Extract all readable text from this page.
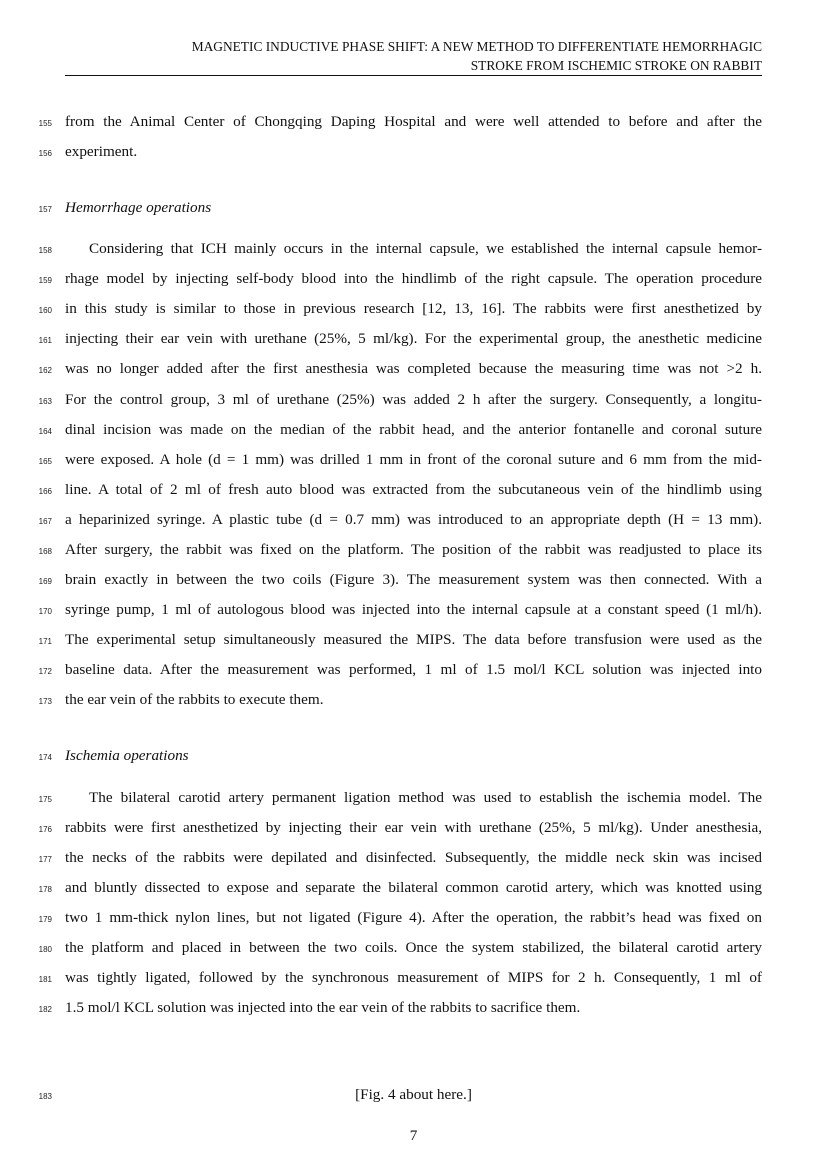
MAGNETIC INDUCTIVE PHASE SHIFT: A NEW METHOD TO DIFFERENTIATE HEMORRHAGIC
STROKE FROM ISCHEMIC STROKE ON RABBIT
155 from the Animal Center of Chongqing Daping Hospital and were well attended to before and after the
156 experiment.
157 Hemorrhage operations
158 Considering that ICH mainly occurs in the internal capsule, we established the internal capsule hemor-
159 rhage model by injecting self-body blood into the hindlimb of the right capsule. The operation procedure
160 in this study is similar to those in previous research [12, 13, 16]. The rabbits were first anesthetized by
161 injecting their ear vein with urethane (25%, 5 ml/kg). For the experimental group, the anesthetic medicine
162 was no longer added after the first anesthesia was completed because the measuring time was not >2 h.
163 For the control group, 3 ml of urethane (25%) was added 2 h after the surgery. Consequently, a longitu-
164 dinal incision was made on the median of the rabbit head, and the anterior fontanelle and coronal suture
165 were exposed. A hole (d = 1 mm) was drilled 1 mm in front of the coronal suture and 6 mm from the mid-
166 line. A total of 2 ml of fresh auto blood was extracted from the subcutaneous vein of the hindlimb using
167 a heparinized syringe. A plastic tube (d = 0.7 mm) was introduced to an appropriate depth (H = 13 mm).
168 After surgery, the rabbit was fixed on the platform. The position of the rabbit was readjusted to place its
169 brain exactly in between the two coils (Figure 3). The measurement system was then connected. With a
170 syringe pump, 1 ml of autologous blood was injected into the internal capsule at a constant speed (1 ml/h).
171 The experimental setup simultaneously measured the MIPS. The data before transfusion were used as the
172 baseline data. After the measurement was performed, 1 ml of 1.5 mol/l KCL solution was injected into
173 the ear vein of the rabbits to execute them.
174 Ischemia operations
175 The bilateral carotid artery permanent ligation method was used to establish the ischemia model. The
176 rabbits were first anesthetized by injecting their ear vein with urethane (25%, 5 ml/kg). Under anesthesia,
177 the necks of the rabbits were depilated and disinfected. Subsequently, the middle neck skin was incised
178 and bluntly dissected to expose and separate the bilateral common carotid artery, which was knotted using
179 two 1 mm-thick nylon lines, but not ligated (Figure 4). After the operation, the rabbit’s head was fixed on
180 the platform and placed in between the two coils. Once the system stabilized, the bilateral carotid artery
181 was tightly ligated, followed by the synchronous measurement of MIPS for 2 h. Consequently, 1 ml of
182 1.5 mol/l KCL solution was injected into the ear vein of the rabbits to sacrifice them.
183	[Fig. 4 about here.]
7
